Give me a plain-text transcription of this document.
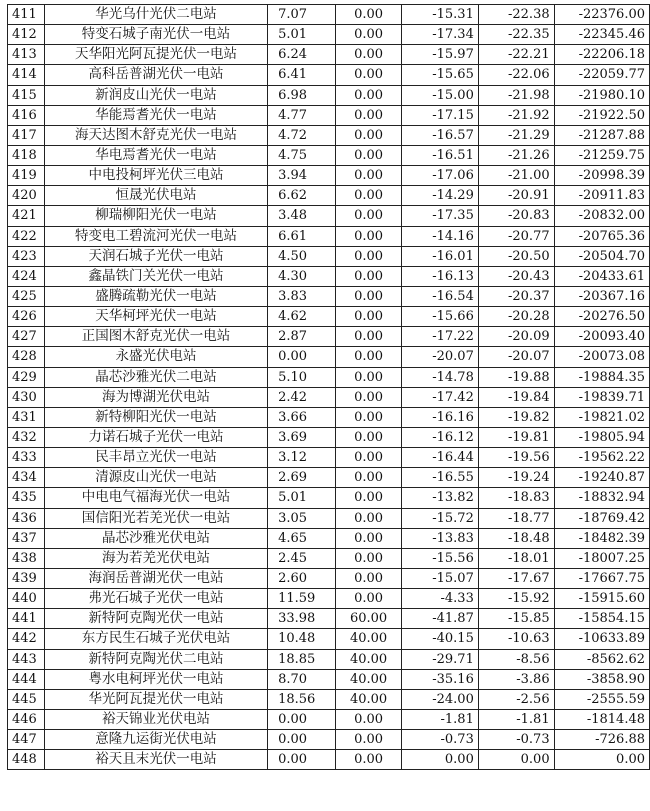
411	华光乌什光伏二电站	7.07	0.00	-15.31	-22.38	-22376.00
412	特变石城子南光伏一电站	5.01	0.00	-17.34	-22.35	-22345.46
413	天华阳光阿瓦提光伏一电站	6.24	0.00	-15.97	-22.21	-22206.18
414	高科岳普湖光伏一电站	6.41	0.00	-15.65	-22.06	-22059.77
415	新润皮山光伏一电站	6.98	0.00	-15.00	-21.98	-21980.10
416	华能焉耆光伏一电站	4.77	0.00	-17.15	-21.92	-21922.50
417	海天达图木舒克光伏一电站	4.72	0.00	-16.57	-21.29	-21287.88
418	华电焉耆光伏一电站	4.75	0.00	-16.51	-21.26	-21259.75
419	中电投柯坪光伏三电站	3.94	0.00	-17.06	-21.00	-20998.39
420	恒晟光伏电站	6.62	0.00	-14.29	-20.91	-20911.83
421	柳瑞柳阳光伏一电站	3.48	0.00	-17.35	-20.83	-20832.00
422	特变电工碧流河光伏一电站	6.61	0.00	-14.16	-20.77	-20765.36
423	天润石城子光伏一电站	4.50	0.00	-16.01	-20.50	-20504.70
424	鑫晶铁门关光伏一电站	4.30	0.00	-16.13	-20.43	-20433.61
425	盛腾疏勒光伏一电站	3.83	0.00	-16.54	-20.37	-20367.16
426	天华柯坪光伏一电站	4.62	0.00	-15.66	-20.28	-20276.50
427	正国图木舒克光伏一电站	2.87	0.00	-17.22	-20.09	-20093.40
428	永盛光伏电站	0.00	0.00	-20.07	-20.07	-20073.08
429	晶芯沙雅光伏二电站	5.10	0.00	-14.78	-19.88	-19884.35
430	海为博湖光伏电站	2.42	0.00	-17.42	-19.84	-19839.71
431	新特柳阳光伏一电站	3.66	0.00	-16.16	-19.82	-19821.02
432	力诺石城子光伏一电站	3.69	0.00	-16.12	-19.81	-19805.94
433	民丰昂立光伏一电站	3.12	0.00	-16.44	-19.56	-19562.22
434	清源皮山光伏一电站	2.69	0.00	-16.55	-19.24	-19240.87
435	中电电气福海光伏一电站	5.01	0.00	-13.82	-18.83	-18832.94
436	国信阳光若羌光伏一电站	3.05	0.00	-15.72	-18.77	-18769.42
437	晶芯沙雅光伏电站	4.65	0.00	-13.83	-18.48	-18482.39
438	海为若羌光伏电站	2.45	0.00	-15.56	-18.01	-18007.25
439	海润岳普湖光伏一电站	2.60	0.00	-15.07	-17.67	-17667.75
440	弗光石城子光伏一电站	11.59	0.00	-4.33	-15.92	-15915.60
441	新特阿克陶光伏一电站	33.98	60.00	-41.87	-15.85	-15854.15
442	东方民生石城子光伏电站	10.48	40.00	-40.15	-10.63	-10633.89
443	新特阿克陶光伏二电站	18.85	40.00	-29.71	-8.56	-8562.62
444	粤水电柯坪光伏一电站	8.70	40.00	-35.16	-3.86	-3858.90
445	华光阿瓦提光伏一电站	18.56	40.00	-24.00	-2.56	-2555.59
446	裕天锦业光伏电站	0.00	0.00	-1.81	-1.81	-1814.48
447	意隆九运街光伏电站	0.00	0.00	-0.73	-0.73	-726.88
448	裕天且末光伏一电站	0.00	0.00	0.00	0.00	0.00
